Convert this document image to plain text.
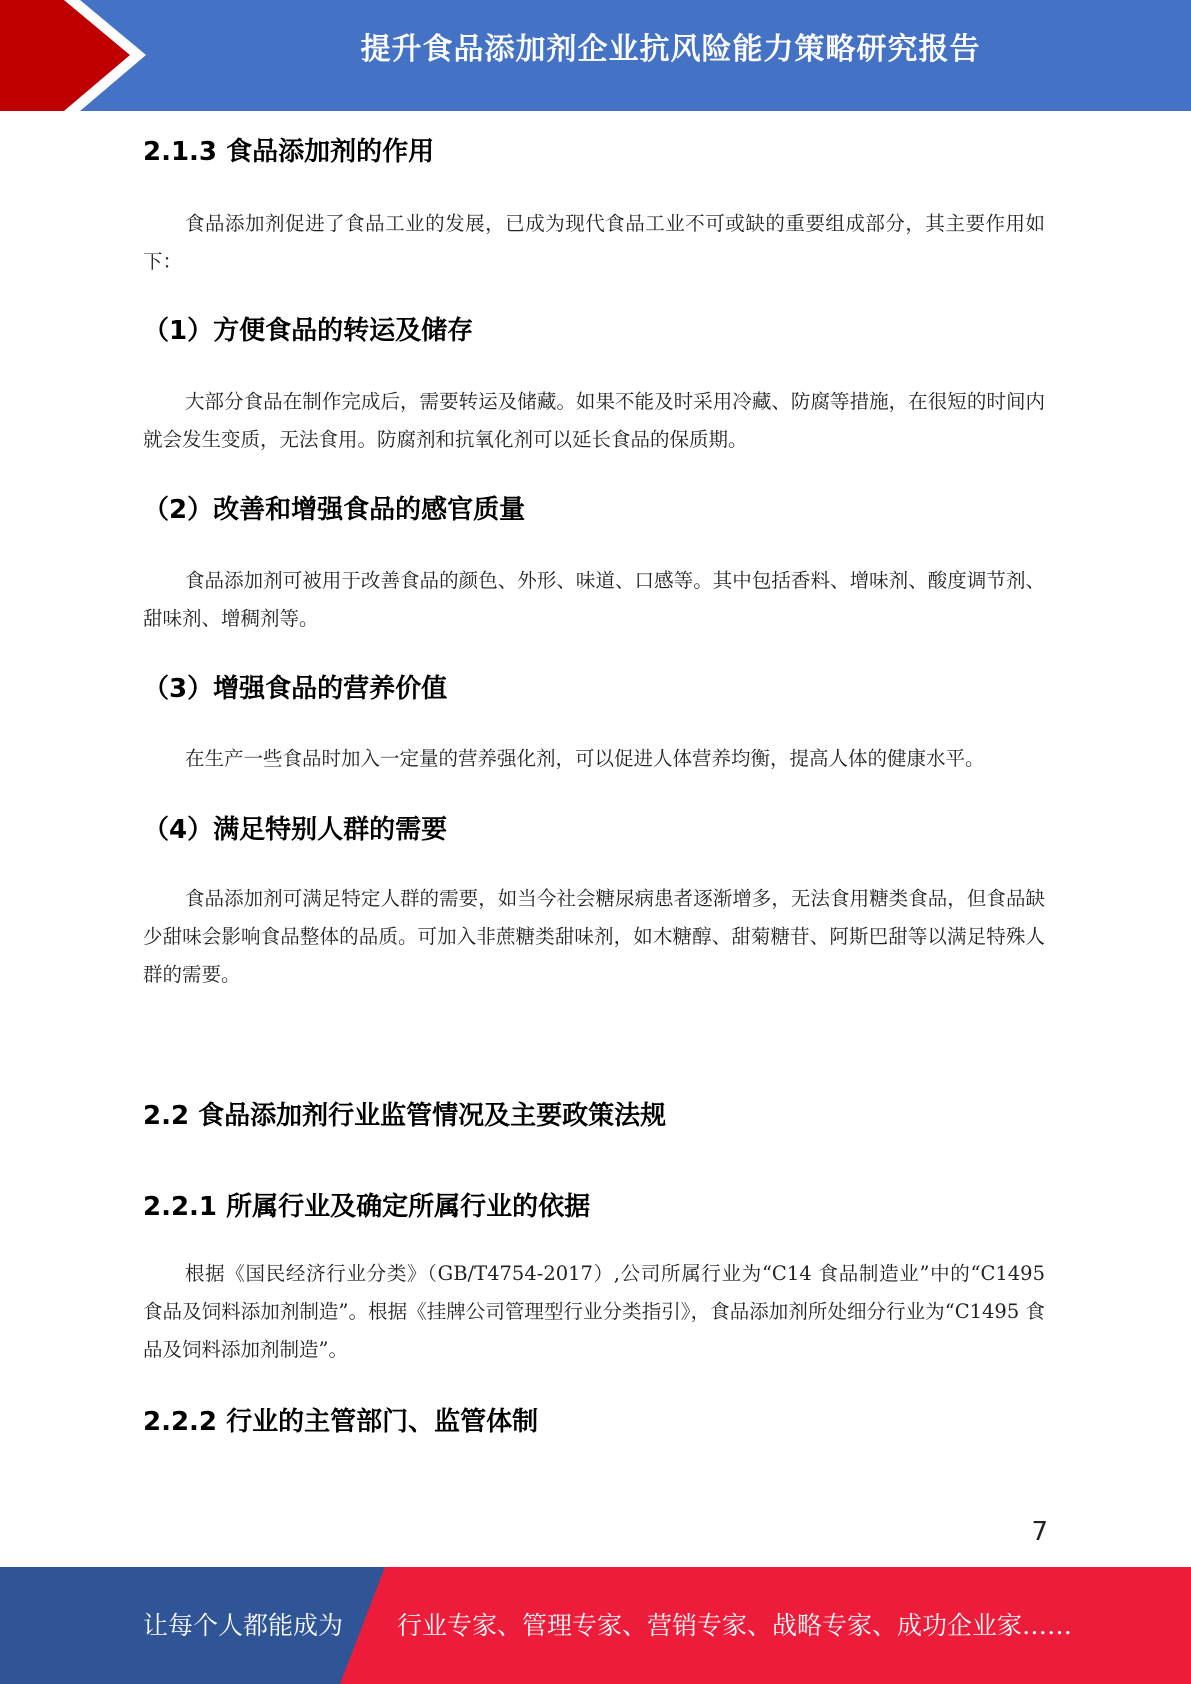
提升食品添加剂企业抗风险能力策略研究报告
2.1.3 食品添加剂的作用

食品添加剂促进了食品工业的发展，已成为现代食品工业不可或缺的重要组成部分，其主要作用如下：

（1）方便食品的转运及储存

大部分食品在制作完成后，需要转运及储藏。如果不能及时采用冷藏、防腐等措施，在很短的时间内就会发生变质，无法食用。防腐剂和抗氧化剂可以延长食品的保质期。

（2）改善和增强食品的感官质量

食品添加剂可被用于改善食品的颜色、外形、味道、口感等。其中包括香料、增味剂、酸度调节剂、甜味剂、增稠剂等。

（3）增强食品的营养价值

在生产一些食品时加入一定量的营养强化剂，可以促进人体营养均衡，提高人体的健康水平。

（4）满足特别人群的需要

食品添加剂可满足特定人群的需要，如当今社会糖尿病患者逐渐增多，无法食用糖类食品，但食品缺少甜味会影响食品整体的品质。可加入非蔗糖类甜味剂，如木糖醇、甜菊糖苷、阿斯巴甜等以满足特殊人群的需要。

2.2 食品添加剂行业监管情况及主要政策法规
2.2.1 所属行业及确定所属行业的依据

根据《国民经济行业分类》（GB/T4754-2017）,公司所属行业为“C14 食品制造业”中的“C1495 食品及饲料添加剂制造”。根据《挂牌公司管理型行业分类指引》，食品添加剂所处细分行业为“C1495 食品及饲料添加剂制造”。

2.2.2 行业的主管部门、监管体制
7
让每个人都能成为 行业专家、管理专家、营销专家、战略专家、成功企业家……
